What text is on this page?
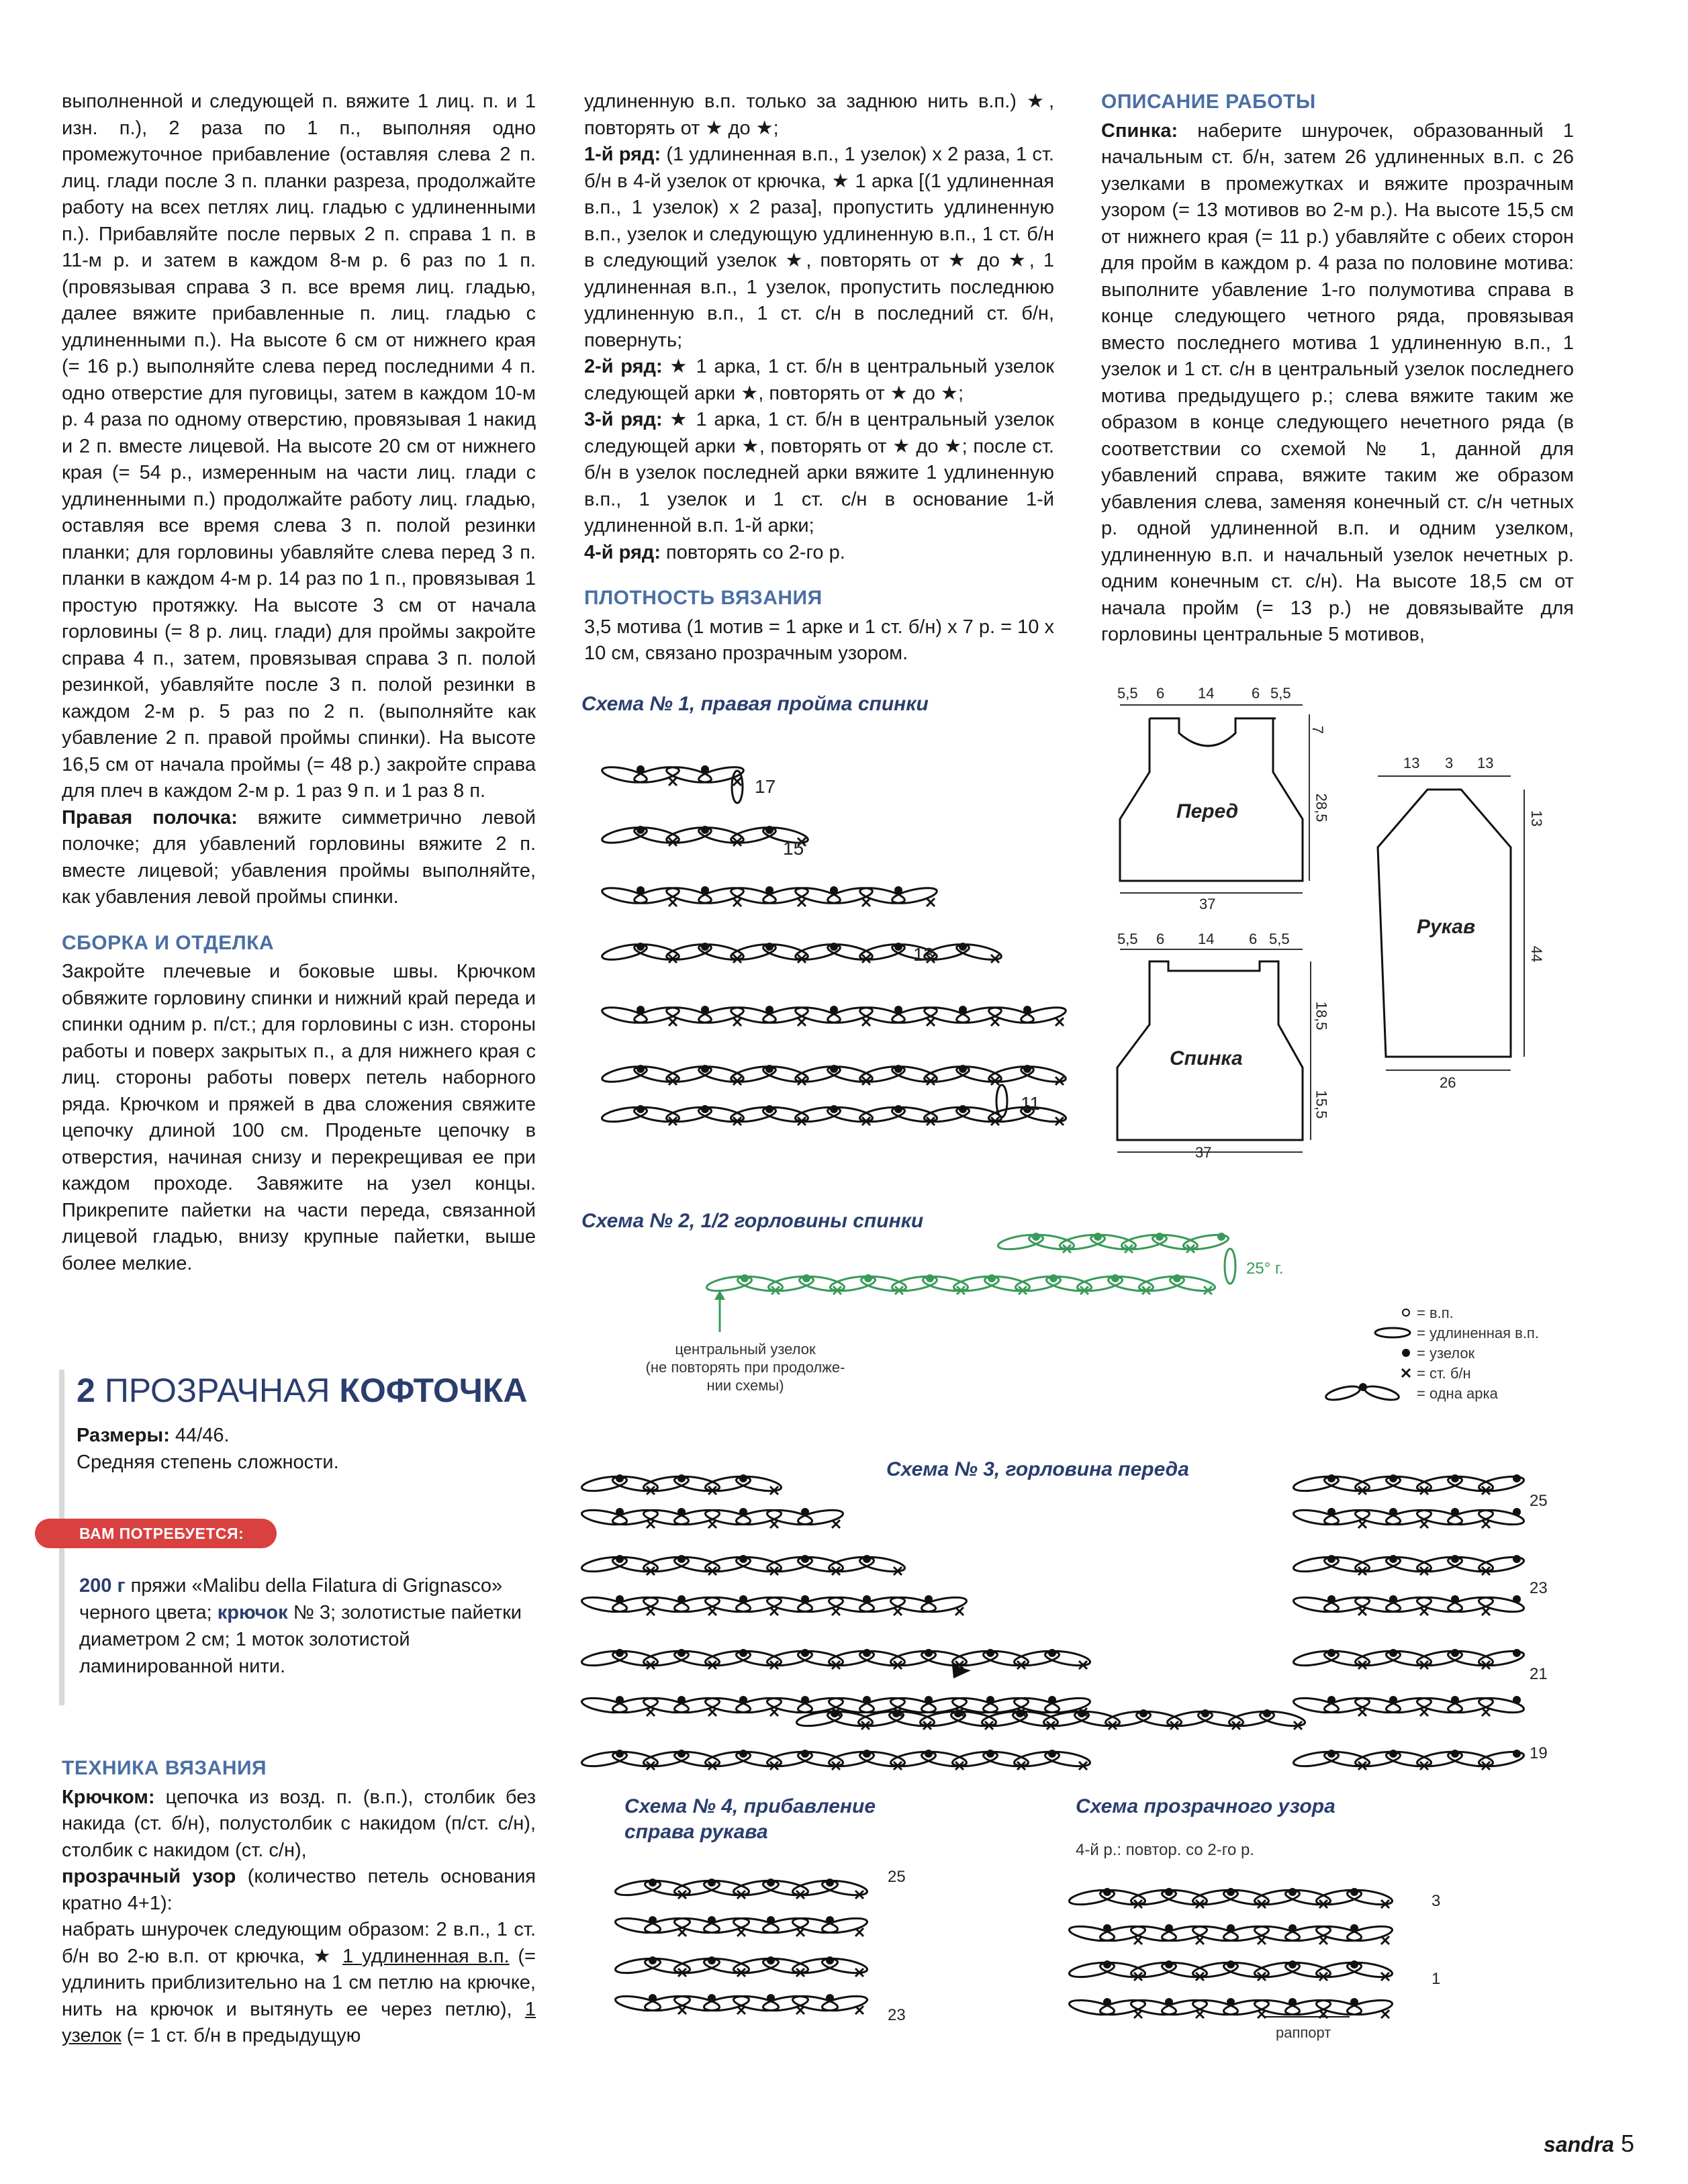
выполненной и следующей п. вяжите 1 лиц. п. и 1 изн. п.), 2 раза по 1 п., выполняя одно промежуточное прибавление (оставляя слева 2 п. лиц. глади после 3 п. планки разреза, продолжайте работу на всех петлях лиц. гладью с удлиненными п.). Прибавляйте после первых 2 п. справа 1 п. в 11-м р. и затем в каждом 8-м р. 6 раз по 1 п. (провязывая справа 3 п. все время лиц. гладью, далее вяжите прибавленные п. лиц. гладью с удлиненными п.). На высоте 6 см от нижнего края (= 16 р.) выполняйте слева перед последними 4 п. одно отверстие для пуговицы, затем в каждом 10-м р. 4 раза по одному отверстию, провязывая 1 накид и 2 п. вместе лицевой. На высоте 20 см от нижнего края (= 54 р., измеренным на части лиц. глади с удлиненными п.) продолжайте работу лиц. гладью, оставляя все время слева 3 п. полой резинки планки; для горловины убавляйте слева перед 3 п. планки в каждом 4-м р. 14 раз по 1 п., провязывая 1 простую протяжку. На высоте 3 см от начала горловины (= 8 р. лиц. глади) для проймы закройте справа 4 п., затем, провязывая справа 3 п. полой резинкой, убавляйте после 3 п. полой резинки в каждом 2-м р. 5 раз по 2 п. (выполняйте как убавление 2 п. правой проймы спинки). На высоте 16,5 см от начала проймы (= 48 р.) закройте справа для плеч в каждом 2-м р. 1 раз 9 п. и 1 раз 8 п.

Правая полочка: вяжите симметрично левой полочке; для убавлений горловины вяжите 2 п. вместе лицевой; убавления проймы выполняйте, как убавления левой проймы спинки.

СБОРКА И ОТДЕЛКА

Закройте плечевые и боковые швы. Крючком обвяжите горловину спинки и нижний край переда и спинки одним р. п/ст.; для горловины с изн. стороны работы и поверх закрытых п., а для нижнего края с лиц. стороны работы поверх петель наборного ряда. Крючком и пряжей в два сложения свяжите цепочку длиной 100 см. Проденьте цепочку в отверстия, начиная снизу и перекрещивая ее при каждом проходе. Завяжите на узел концы. Прикрепите пайетки на части переда, связанной лицевой гладью, внизу крупные пайетки, выше более мелкие.

2 ПРОЗРАЧНАЯ КОФТОЧКА
Размеры: 44/46.
Средняя степень сложности.
ВАМ ПОТРЕБУЕТСЯ:
200 г пряжи «Malibu della Filatura di Grignasco» черного цвета; крючок № 3; золотистые пайетки диаметром 2 см; 1 моток золотистой ламинированной нити.
ТЕХНИКА ВЯЗАНИЯ

Крючком: цепочка из возд. п. (в.п.), столбик без накида (ст. б/н), полустолбик с накидом (п/ст. с/н), столбик с накидом (ст. с/н),

прозрачный узор (количество петель основания кратно 4+1):

набрать шнурочек следующим образом: 2 в.п., 1 ст. б/н во 2-ю в.п. от крючка, ★ 1 удлиненная в.п. (= удлинить приблизительно на 1 см петлю на крючке, нить на крючок и вытянуть ее через петлю), 1 узелок (= 1 ст. б/н в предыдущую

удлиненную в.п. только за заднюю нить в.п.) ★, повторять от ★ до ★;

1-й ряд: (1 удлиненная в.п., 1 узелок) х 2 раза, 1 ст. б/н в 4-й узелок от крючка, ★ 1 арка [(1 удлиненная в.п., 1 узелок) х 2 раза], пропустить удлиненную в.п., узелок и следующую удлиненную в.п., 1 ст. б/н в следующий узелок ★, повторять от ★ до ★, 1 удлиненная в.п., 1 узелок, пропустить последнюю удлиненную в.п., 1 ст. с/н в последний ст. б/н, повернуть;

2-й ряд: ★ 1 арка, 1 ст. б/н в центральный узелок следующей арки ★, повторять от ★ до ★;

3-й ряд: ★ 1 арка, 1 ст. б/н в центральный узелок следующей арки ★, повторять от ★ до ★; после ст. б/н в узелок последней арки вяжите 1 удлиненную в.п., 1 узелок и 1 ст. с/н в основание 1-й удлиненной в.п. 1-й арки;

4-й ряд: повторять со 2-го р.

ПЛОТНОСТЬ ВЯЗАНИЯ

3,5 мотива (1 мотив = 1 арке и 1 ст. б/н) х 7 р. = 10 х 10 см, связано прозрачным узором.

ОПИСАНИЕ РАБОТЫ

Спинка: наберите шнурочек, образованный 1 начальным ст. б/н, затем 26 удлиненных в.п. с 26 узелками в промежутках и вяжите прозрачным узором (= 13 мотивов во 2-м р.). На высоте 15,5 см от нижнего края (= 11 р.) убавляйте с обеих сторон для пройм в каждом р. 4 раза по половине мотива: выполните убавление 1-го полумотива справа в конце следующего четного ряда, провязывая вместо последнего мотива 1 удлиненную в.п., 1 узелок и 1 ст. с/н в центральный узелок последнего мотива предыдущего р.; слева вяжите таким же образом в конце следующего нечетного ряда (в соответствии со схемой № 1, данной для убавлений справа, вяжите таким же образом убавления слева, заменяя конечный ст. с/н четных р. одной удлиненной в.п. и одним узелком, удлиненную в.п. и начальный узелок нечетных р. одним конечным ст. с/н). На высоте 18,5 см от начала пройм (= 13 р.) не довязывайте для горловины центральные 5 мотивов,

Схема № 1, правая пройма спинки
Схема № 2, 1/2 горловины спинки
Схема № 3, горловина переда
Схема № 4, прибавление
справа рукава
Схема прозрачного узора
Перед
Спинка
Рукав
5,5 6 14	6 5,5
7
28,5
37
5,5 6 14 6 5,5
18,5
15,5
37
13 3 13
13
44
26
17
15
13
11
25° г.
центральный узелок
(не повторять при продолже-
нии схемы)
= в.п.
= удлиненная в.п.
= узелок
= ст. б/н
= одна арка
25
23
21
19
25
23
4-й р.: повтор. со 2-го р.
3
1
раппорт
sandra 5
